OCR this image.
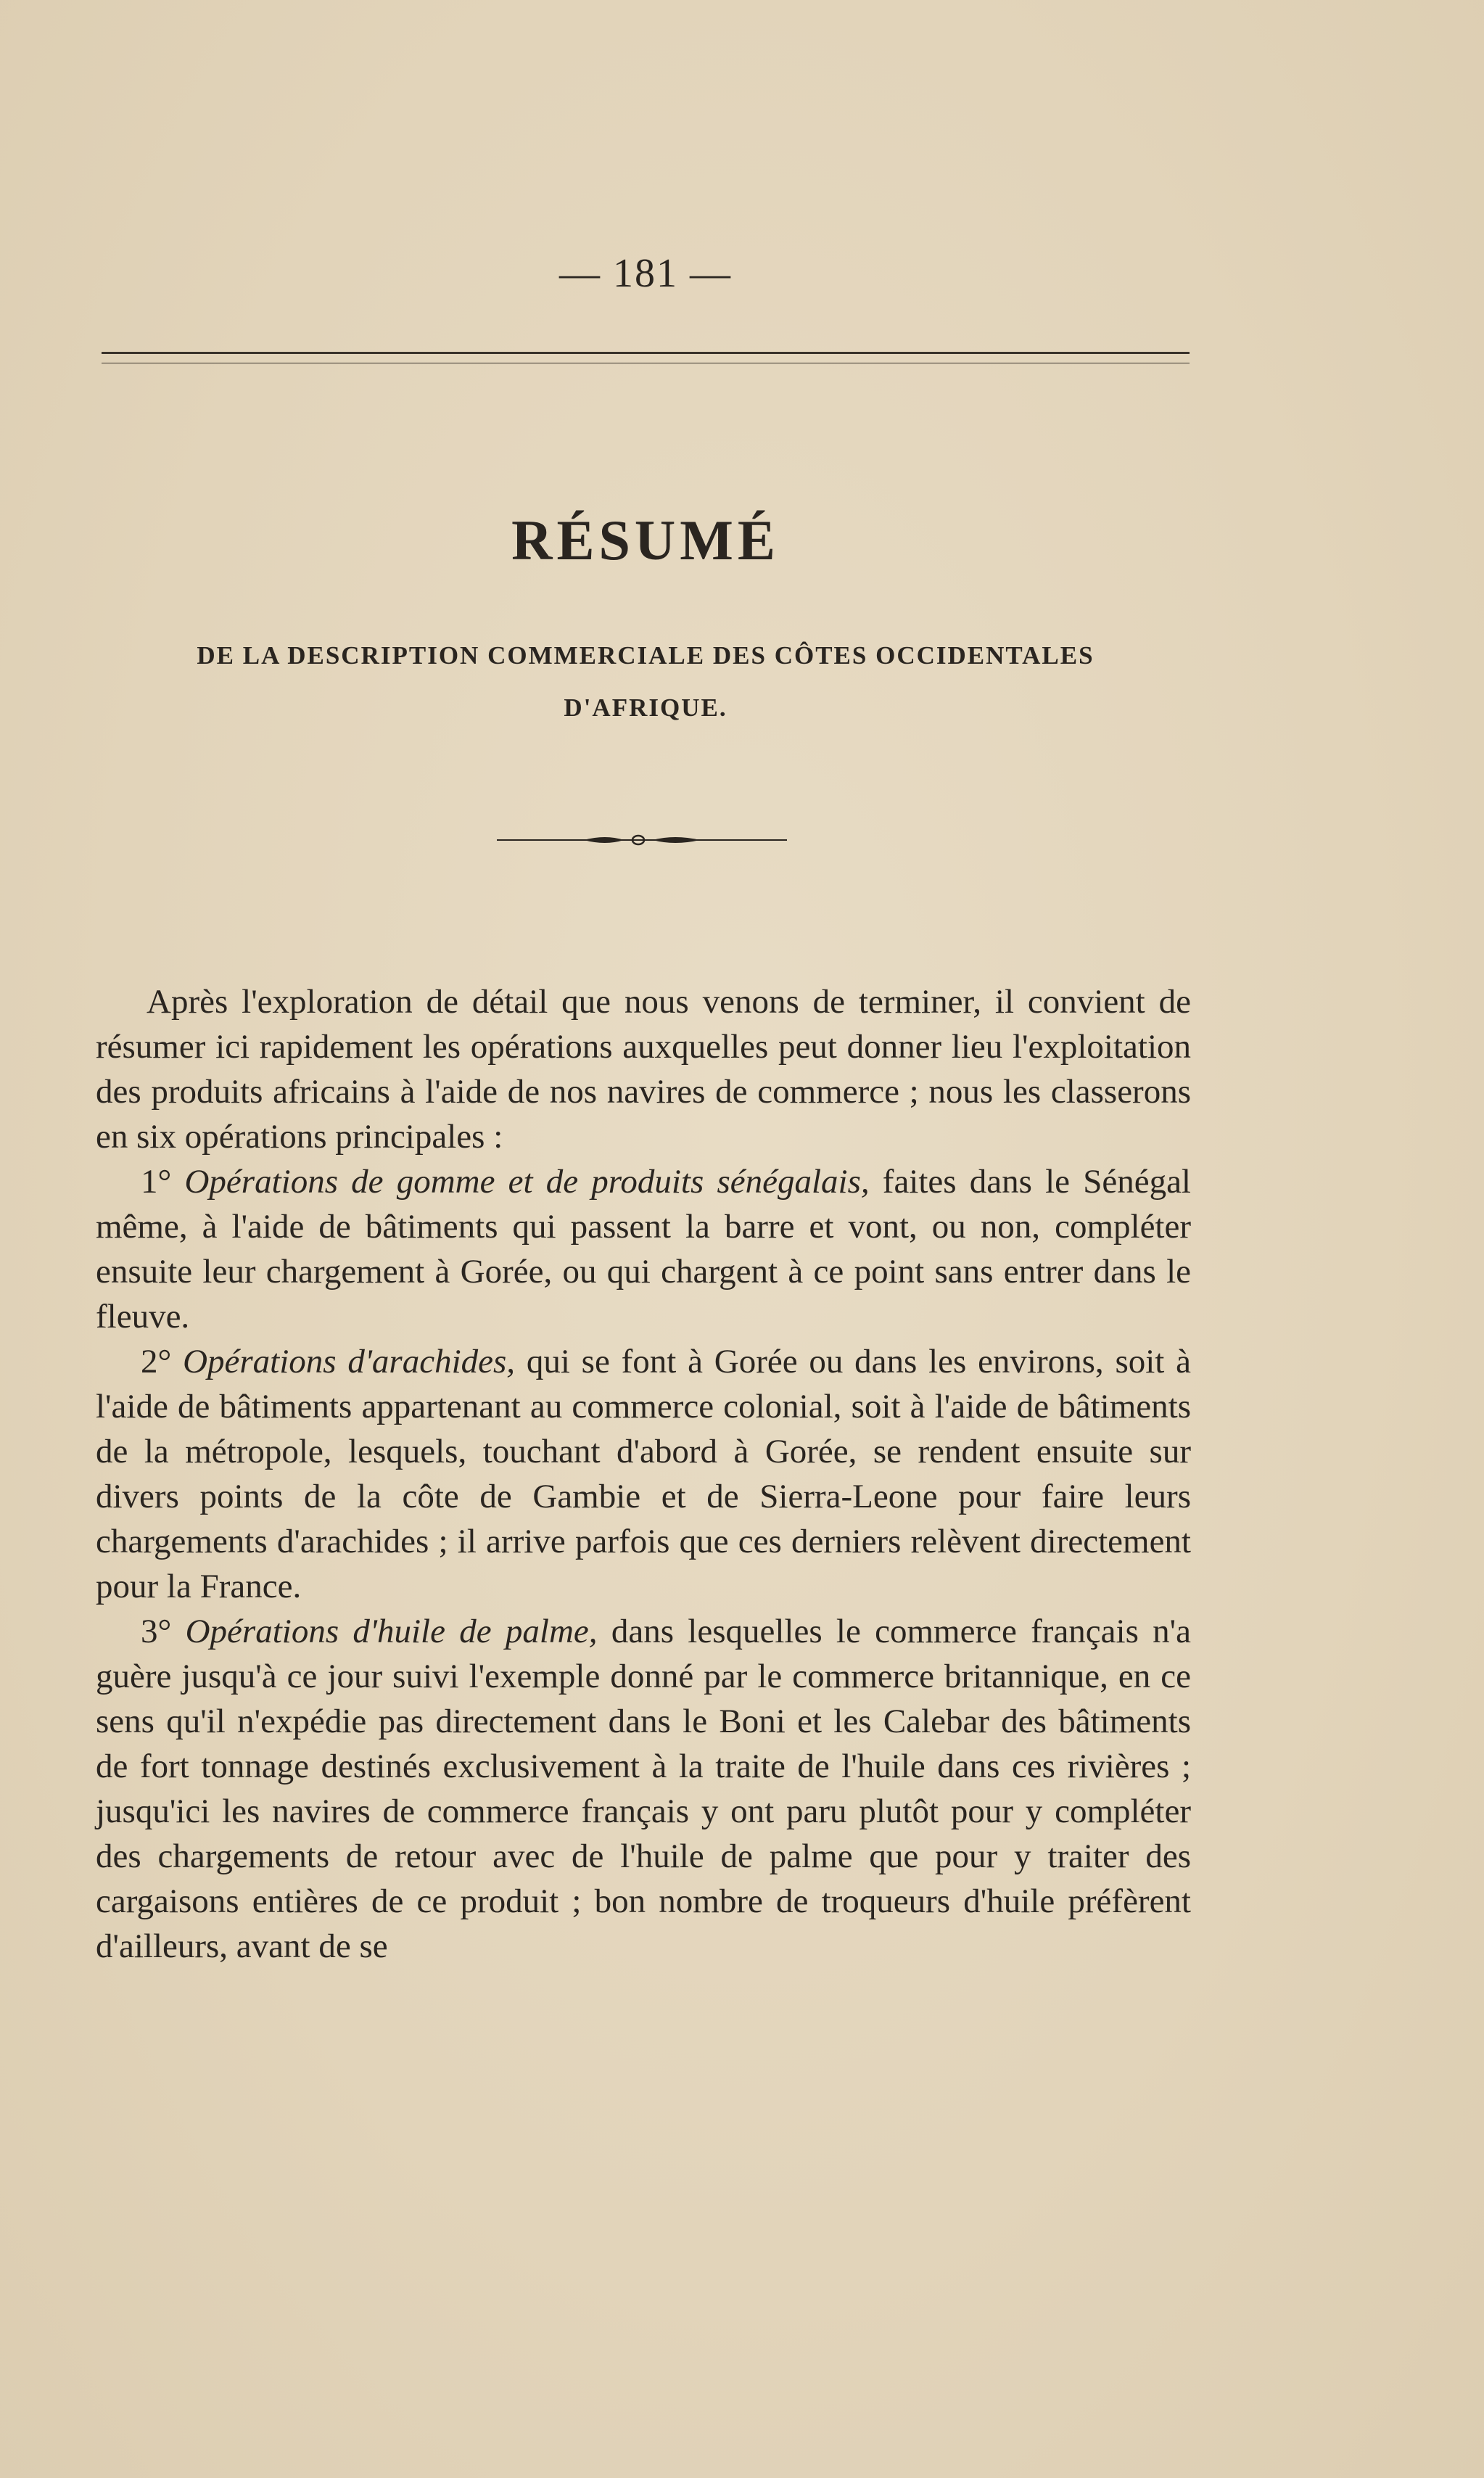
— 181 —
RÉSUMÉ
DE LA DESCRIPTION COMMERCIALE DES CÔTES OCCIDENTALES
D'AFRIQUE.

Après l'exploration de détail que nous venons de terminer, il convient de résumer ici rapidement les opérations auxquelles peut donner lieu l'exploitation des produits africains à l'aide de nos navires de commerce ; nous les classerons en six opérations principales :

1° Opérations de gomme et de produits sénégalais, faites dans le Sénégal même, à l'aide de bâtiments qui passent la barre et vont, ou non, compléter ensuite leur chargement à Gorée, ou qui chargent à ce point sans entrer dans le fleuve.

2° Opérations d'arachides, qui se font à Gorée ou dans les environs, soit à l'aide de bâtiments appartenant au commerce colonial, soit à l'aide de bâtiments de la métropole, lesquels, touchant d'abord à Gorée, se rendent ensuite sur divers points de la côte de Gambie et de Sierra-Leone pour faire leurs chargements d'arachides ; il arrive parfois que ces derniers relèvent directement pour la France.

3° Opérations d'huile de palme, dans lesquelles le commerce français n'a guère jusqu'à ce jour suivi l'exemple donné par le commerce britannique, en ce sens qu'il n'expédie pas directement dans le Boni et les Calebar des bâtiments de fort tonnage destinés exclusivement à la traite de l'huile dans ces rivières ; jusqu'ici les navires de commerce français y ont paru plutôt pour y compléter des chargements de retour avec de l'huile de palme que pour y traiter des cargaisons entières de ce produit ; bon nombre de troqueurs d'huile préfèrent d'ailleurs, avant de se
